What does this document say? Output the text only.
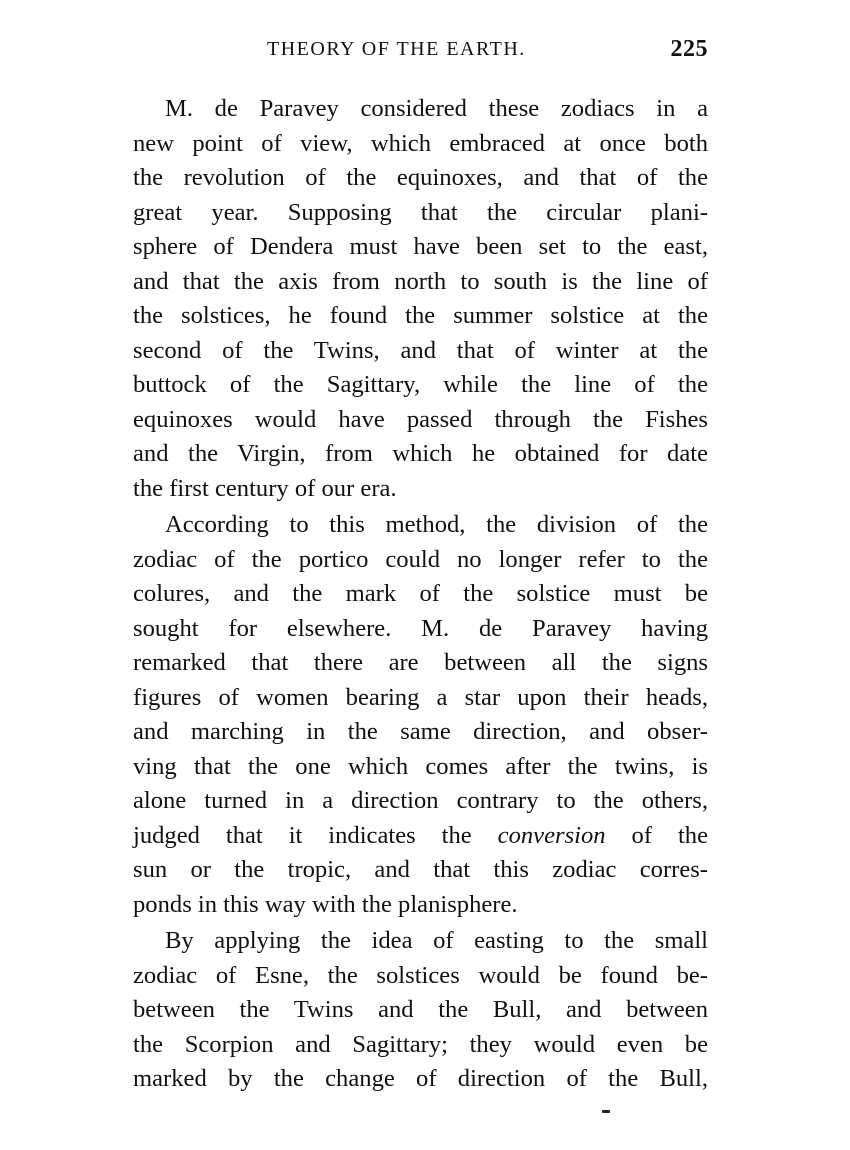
THEORY OF THE EARTH.	225
M. de Paravey considered these zodiacs in a
new point of view, which embraced at once both
the revolution of the equinoxes, and that of the
great year. Supposing that the circular plani-
sphere of Dendera must have been set to the east,
and that the axis from north to south is the line of
the solstices, he found the summer solstice at the
second of the Twins, and that of winter at the
buttock of the Sagittary, while the line of the
equinoxes would have passed through the Fishes
and the Virgin, from which he obtained for date
the first century of our era.
According to this method, the division of the
zodiac of the portico could no longer refer to the
colures, and the mark of the solstice must be
sought for elsewhere. M. de Paravey having
remarked that there are between all the signs
figures of women bearing a star upon their heads,
and marching in the same direction, and obser-
ving that the one which comes after the twins, is
alone turned in a direction contrary to the others,
judged that it indicates the conversion of the
sun or the tropic, and that this zodiac corres-
ponds in this way with the planisphere.
By applying the idea of easting to the small
zodiac of Esne, the solstices would be found be-
between the Twins and the Bull, and between
the Scorpion and Sagittary; they would even be
marked by the change of direction of the Bull,
